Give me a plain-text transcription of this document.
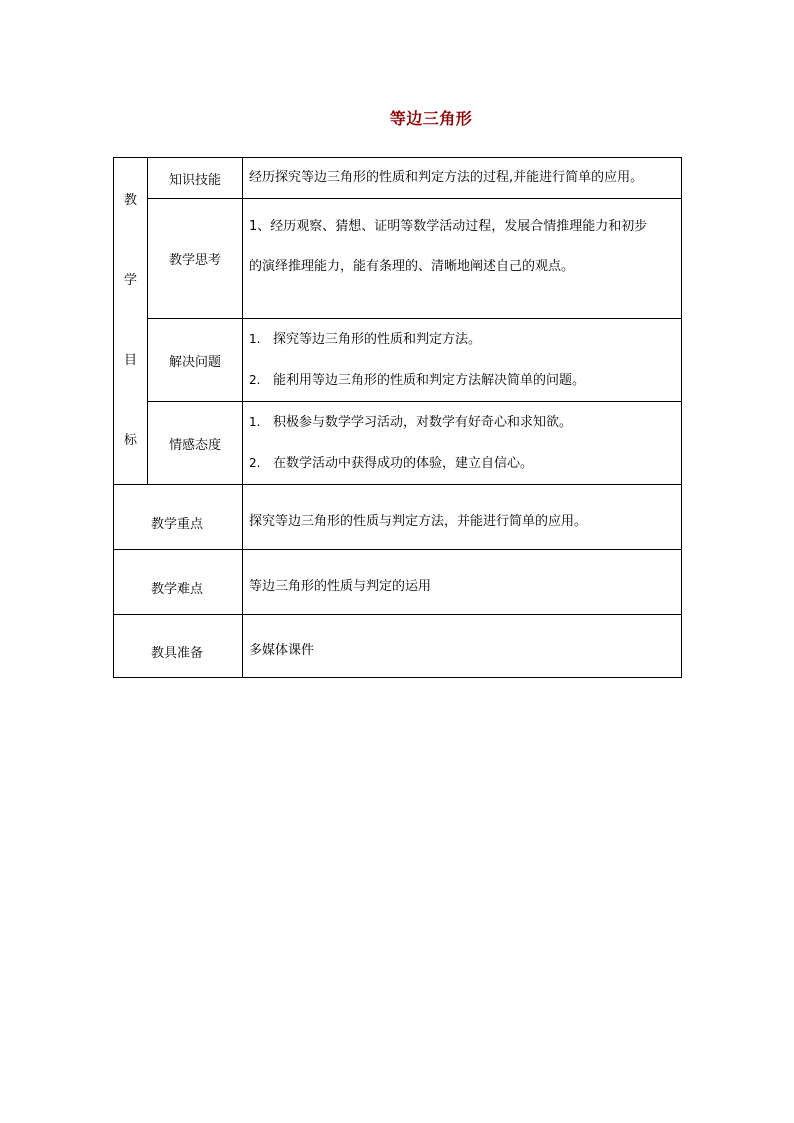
等边三角形
教
学
目
标	知识技能	经历探究等边三角形的性质和判定方法的过程,并能进行简单的应用。
	教学思考	1、经历观察、猜想、证明等数学活动过程，发展合情推理能力和初步

的演绎推理能力，能有条理的、清晰地阐述自己的观点。

	解决问题	1. 探究等边三角形的性质和判定方法。

2. 能利用等边三角形的性质和判定方法解决简单的问题。

	情感态度	1. 积极参与数学学习活动，对数学有好奇心和求知欲。

2. 在数学活动中获得成功的体验，建立自信心。

教学重点		探究等边三角形的性质与判定方法，并能进行简单的应用。
教学难点		等边三角形的性质与判定的运用
教具准备		多媒体课件
